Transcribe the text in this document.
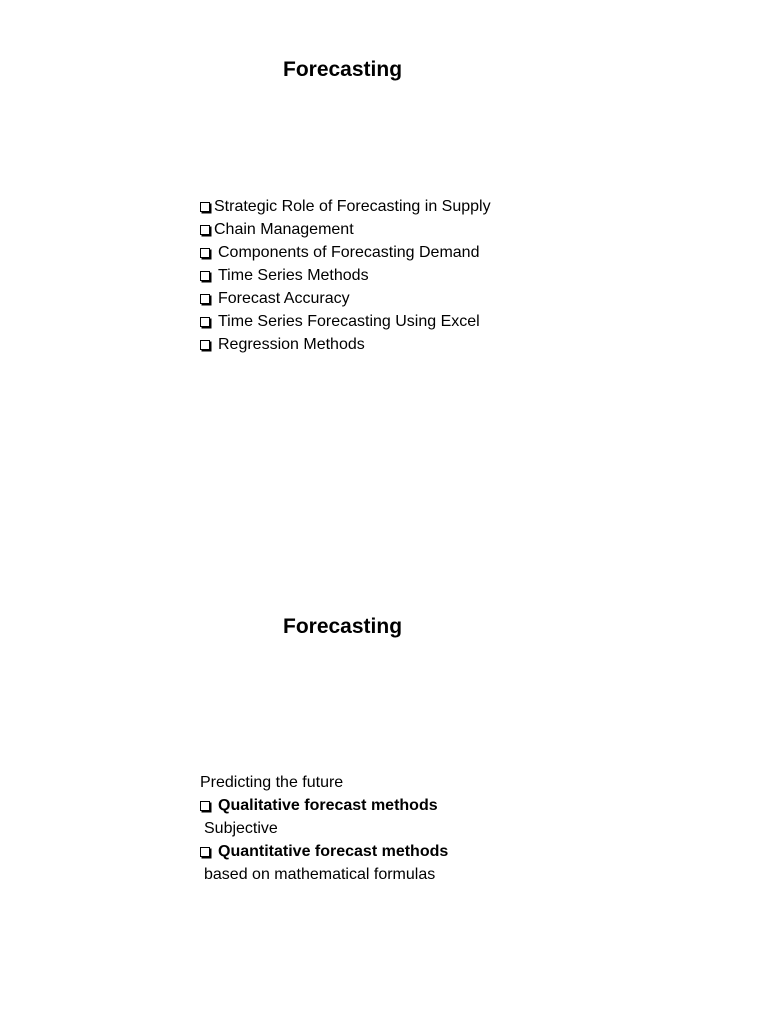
Forecasting
Strategic Role of Forecasting in Supply
Chain Management
Components of Forecasting Demand
Time Series Methods
Forecast Accuracy
Time Series Forecasting Using Excel
Regression Methods
Forecasting
Predicting the future
Qualitative forecast methods
Subjective
Quantitative forecast methods
based on mathematical formulas
